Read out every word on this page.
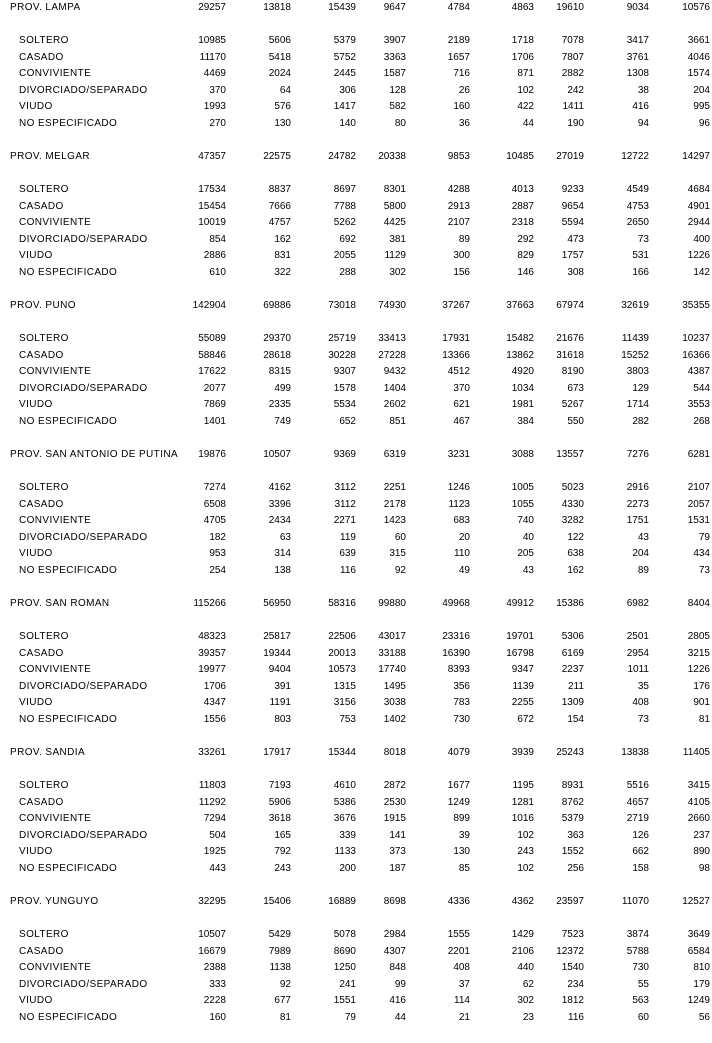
PROV. LAMPA	29257	13818	15439	9647	4784	4863	19610	9034	10576
SOLTERO	10985	5606	5379	3907	2189	1718	7078	3417	3661
CASADO	11170	5418	5752	3363	1657	1706	7807	3761	4046
CONVIVIENTE	4469	2024	2445	1587	716	871	2882	1308	1574
DIVORCIADO/SEPARADO	370	64	306	128	26	102	242	38	204
VIUDO	1993	576	1417	582	160	422	1411	416	995
NO ESPECIFICADO	270	130	140	80	36	44	190	94	96
PROV. MELGAR	47357	22575	24782	20338	9853	10485	27019	12722	14297
SOLTERO	17534	8837	8697	8301	4288	4013	9233	4549	4684
CASADO	15454	7666	7788	5800	2913	2887	9654	4753	4901
CONVIVIENTE	10019	4757	5262	4425	2107	2318	5594	2650	2944
DIVORCIADO/SEPARADO	854	162	692	381	89	292	473	73	400
VIUDO	2886	831	2055	1129	300	829	1757	531	1226
NO ESPECIFICADO	610	322	288	302	156	146	308	166	142
PROV. PUNO	142904	69886	73018	74930	37267	37663	67974	32619	35355
SOLTERO	55089	29370	25719	33413	17931	15482	21676	11439	10237
CASADO	58846	28618	30228	27228	13366	13862	31618	15252	16366
CONVIVIENTE	17622	8315	9307	9432	4512	4920	8190	3803	4387
DIVORCIADO/SEPARADO	2077	499	1578	1404	370	1034	673	129	544
VIUDO	7869	2335	5534	2602	621	1981	5267	1714	3553
NO ESPECIFICADO	1401	749	652	851	467	384	550	282	268
PROV. SAN ANTONIO DE PUTINA	19876	10507	9369	6319	3231	3088	13557	7276	6281
SOLTERO	7274	4162	3112	2251	1246	1005	5023	2916	2107
CASADO	6508	3396	3112	2178	1123	1055	4330	2273	2057
CONVIVIENTE	4705	2434	2271	1423	683	740	3282	1751	1531
DIVORCIADO/SEPARADO	182	63	119	60	20	40	122	43	79
VIUDO	953	314	639	315	110	205	638	204	434
NO ESPECIFICADO	254	138	116	92	49	43	162	89	73
PROV. SAN ROMAN	115266	56950	58316	99880	49968	49912	15386	6982	8404
SOLTERO	48323	25817	22506	43017	23316	19701	5306	2501	2805
CASADO	39357	19344	20013	33188	16390	16798	6169	2954	3215
CONVIVIENTE	19977	9404	10573	17740	8393	9347	2237	1011	1226
DIVORCIADO/SEPARADO	1706	391	1315	1495	356	1139	211	35	176
VIUDO	4347	1191	3156	3038	783	2255	1309	408	901
NO ESPECIFICADO	1556	803	753	1402	730	672	154	73	81
PROV. SANDIA	33261	17917	15344	8018	4079	3939	25243	13838	11405
SOLTERO	11803	7193	4610	2872	1677	1195	8931	5516	3415
CASADO	11292	5906	5386	2530	1249	1281	8762	4657	4105
CONVIVIENTE	7294	3618	3676	1915	899	1016	5379	2719	2660
DIVORCIADO/SEPARADO	504	165	339	141	39	102	363	126	237
VIUDO	1925	792	1133	373	130	243	1552	662	890
NO ESPECIFICADO	443	243	200	187	85	102	256	158	98
PROV. YUNGUYO	32295	15406	16889	8698	4336	4362	23597	11070	12527
SOLTERO	10507	5429	5078	2984	1555	1429	7523	3874	3649
CASADO	16679	7989	8690	4307	2201	2106	12372	5788	6584
CONVIVIENTE	2388	1138	1250	848	408	440	1540	730	810
DIVORCIADO/SEPARADO	333	92	241	99	37	62	234	55	179
VIUDO	2228	677	1551	416	114	302	1812	563	1249
NO ESPECIFICADO	160	81	79	44	21	23	116	60	56
